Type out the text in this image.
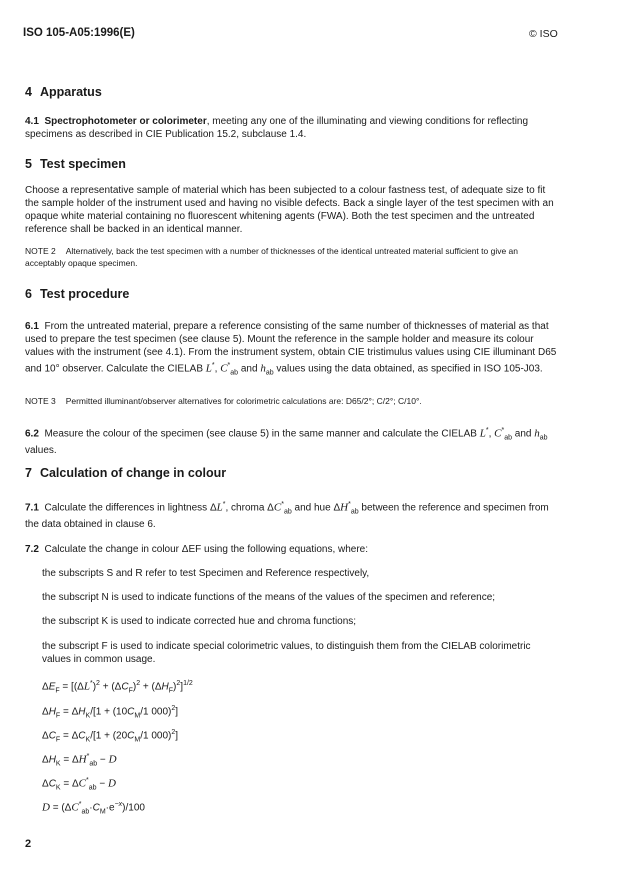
ISO 105-A05:1996(E)	© ISO
4 Apparatus
4.1 Spectrophotometer or colorimeter, meeting any one of the illuminating and viewing conditions for reflecting specimens as described in CIE Publication 15.2, subclause 1.4.
5 Test specimen
Choose a representative sample of material which has been subjected to a colour fastness test, of adequate size to fit the sample holder of the instrument used and having no visible defects. Back a single layer of the test specimen with an opaque white material containing no fluorescent whitening agents (FWA). Both the test specimen and the untreated reference shall be backed in an identical manner.
NOTE 2 Alternatively, back the test specimen with a number of thicknesses of the identical untreated material sufficient to give an acceptably opaque specimen.
6 Test procedure
6.1 From the untreated material, prepare a reference consisting of the same number of thicknesses of material as that used to prepare the test specimen (see clause 5). Mount the reference in the sample holder and measure its colour values with the instrument (see 4.1). From the instrument system, obtain CIE tristimulus values using CIE illuminant D65 and 10° observer. Calculate the CIELAB L*, $C^*_{ab}$ and $h_{ab}$ values using the data obtained, as specified in ISO 105-J03.
NOTE 3 Permitted illuminant/observer alternatives for colorimetric calculations are: D65/2°; C/2°; C/10°.
6.2 Measure the colour of the specimen (see clause 5) in the same manner and calculate the CIELAB L*, $C^*_{ab}$ and $h_{ab}$ values.
7 Calculation of change in colour
7.1 Calculate the differences in lightness ΔL*, chroma $\Delta C^*_{ab}$ and hue $\Delta H^*_{ab}$ between the reference and specimen from the data obtained in clause 6.
7.2 Calculate the change in colour ΔEF using the following equations, where:
the subscripts S and R refer to test Specimen and Reference respectively,
the subscript N is used to indicate functions of the means of the values of the specimen and reference;
the subscript K is used to indicate corrected hue and chroma functions;
the subscript F is used to indicate special colorimetric values, to distinguish them from the CIELAB colorimetric values in common usage.
$\Delta E_F = [(\Delta L^*)^2 + (\Delta C_F)^2 + (\Delta H_F)^2]^{1/2}$
$\Delta H_F = \Delta H_K/[1 + (10C_M/1$ 000)$^2$]
$\Delta C_F = \Delta C_K/[1 + (20C_M/1$ 000)$^2$]
$\Delta H_K = \Delta H^*_{ab} - D$
$\Delta C_K = \Delta C^*_{ab} - D$
$D = (\Delta C^*_{ab}\cdot C_M\cdot e^{-x})/100$
2
